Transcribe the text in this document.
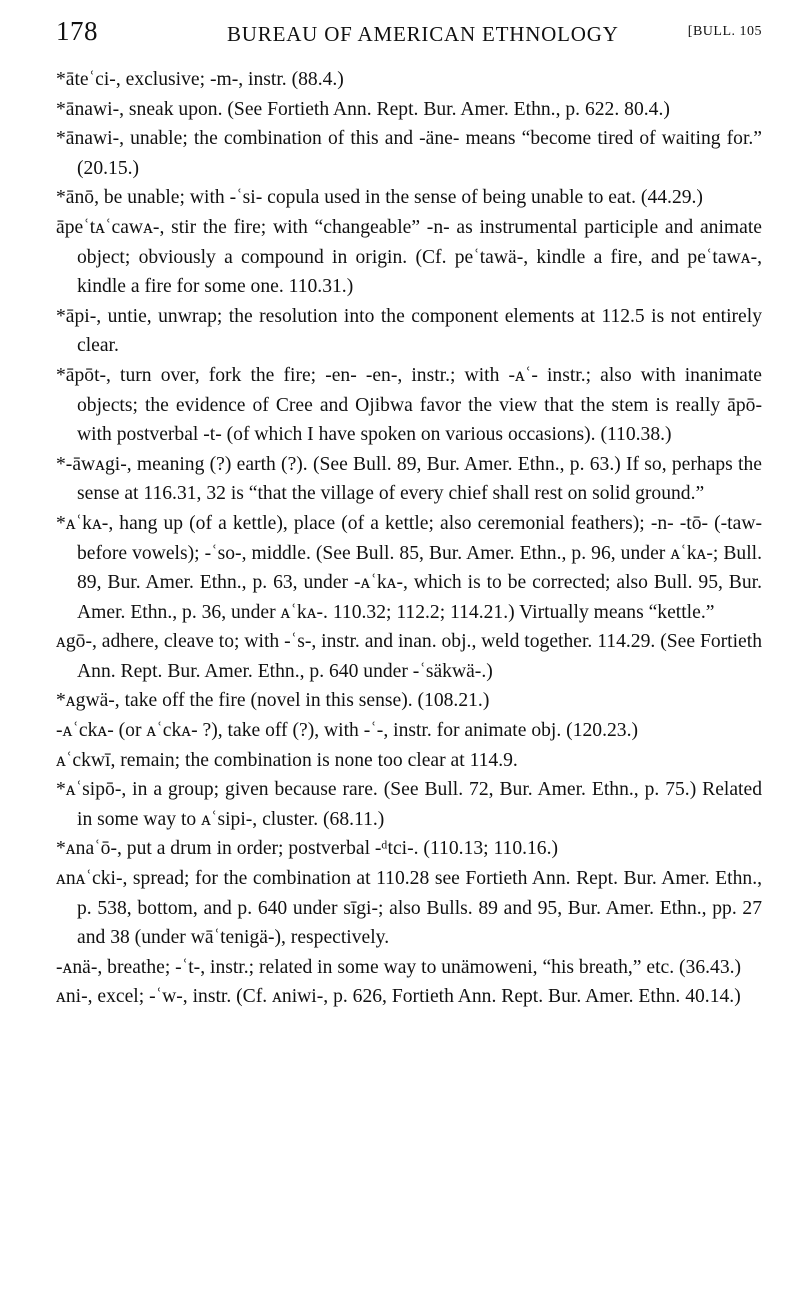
178	BUREAU OF AMERICAN ETHNOLOGY	[BULL. 105

*āteʿci-, exclusive; -m-, instr. (88.4.)

*ānawi-, sneak upon. (See Fortieth Ann. Rept. Bur. Amer. Ethn., p. 622. 80.4.)

*ānawi-, unable; the combination of this and -äne- means “become tired of waiting for.” (20.15.)

*ānō, be unable; with -ʿsi- copula used in the sense of being unable to eat. (44.29.)

āpeʿtᴀʿcawᴀ-, stir the fire; with “changeable” -n- as instrumental participle and animate object; obviously a compound in origin. (Cf. peʿtawä-, kindle a fire, and peʿtawᴀ-, kindle a fire for some one. 110.31.)

*āpi-, untie, unwrap; the resolution into the component elements at 112.5 is not entirely clear.

*āpōt-, turn over, fork the fire; -en- -en-, instr.; with -ᴀʿ- instr.; also with inanimate objects; the evidence of Cree and Ojibwa favor the view that the stem is really āpō- with postverbal -t- (of which I have spoken on various occasions). (110.38.)

*-āwᴀgi-, meaning (?) earth (?). (See Bull. 89, Bur. Amer. Ethn., p. 63.) If so, perhaps the sense at 116.31, 32 is “that the village of every chief shall rest on solid ground.”

*ᴀʿkᴀ-, hang up (of a kettle), place (of a kettle; also ceremonial feathers); -n- -tō- (-taw- before vowels); -ʿso-, middle. (See Bull. 85, Bur. Amer. Ethn., p. 96, under ᴀʿkᴀ-; Bull. 89, Bur. Amer. Ethn., p. 63, under -ᴀʿkᴀ-, which is to be corrected; also Bull. 95, Bur. Amer. Ethn., p. 36, under ᴀʿkᴀ-. 110.32; 112.2; 114.21.) Virtually means “kettle.”

ᴀgō-, adhere, cleave to; with -ʿs-, instr. and inan. obj., weld together. 114.29. (See Fortieth Ann. Rept. Bur. Amer. Ethn., p. 640 under -ʿsäkwä-.)

*ᴀgwä-, take off the fire (novel in this sense). (108.21.)

-ᴀʿckᴀ- (or ᴀʿckᴀ- ?), take off (?), with -ʿ-, instr. for animate obj. (120.23.)

ᴀʿckwī, remain; the combination is none too clear at 114.9.

*ᴀʿsipō-, in a group; given because rare. (See Bull. 72, Bur. Amer. Ethn., p. 75.) Related in some way to ᴀʿsipi-, cluster. (68.11.)

*ᴀnaʿō-, put a drum in order; postverbal -ᵈtci-. (110.13; 110.16.)

ᴀnᴀʿcki-, spread; for the combination at 110.28 see Fortieth Ann. Rept. Bur. Amer. Ethn., p. 538, bottom, and p. 640 under sīgi-; also Bulls. 89 and 95, Bur. Amer. Ethn., pp. 27 and 38 (under wāʿtenigä-), respectively.

-ᴀnä-, breathe; -ʿt-, instr.; related in some way to unämoweni, “his breath,” etc. (36.43.)

ᴀni-, excel; -ʿw-, instr. (Cf. ᴀniwi-, p. 626, Fortieth Ann. Rept. Bur. Amer. Ethn. 40.14.)
